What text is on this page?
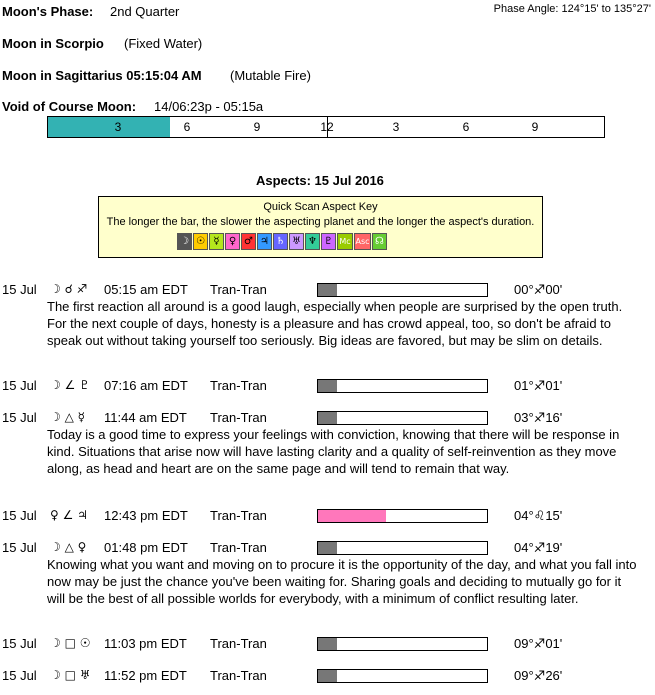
Moon's Phase: 2nd Quarter	Phase Angle: 124°15' to 135°27'
Moon in Scorpio (Fixed Water)
Moon in Sagittarius 05:15:04 AM (Mutable Fire)
Void of Course Moon: 14/06:23p - 05:15a
3	6	9	12	3	6	9
Aspects: 15 Jul 2016
Quick Scan Aspect Key
The longer the bar, the slower the aspecting planet and the longer the aspect's duration.
☽ ☉ ☿ ♀ ♂ ♃ ♄ ♅ ♆ ♇ Mc Asc ☊
15 Jul ☽ ☌ ♐ 05:15 am EDT Tran-Tran	00°♐00'
The first reaction all around is a good laugh, especially when people are surprised by the open truth. For the next couple of days, honesty is a pleasure and has crowd appeal, too, so don't be afraid to speak out without taking yourself too seriously. Big ideas are favored, but may be slim on details.
15 Jul ☽ ∠ ♇ 07:16 am EDT Tran-Tran	01°♐01'
15 Jul ☽ △ ☿ 11:44 am EDT Tran-Tran	03°♐16'
Today is a good time to express your feelings with conviction, knowing that there will be response in kind. Situations that arise now will have lasting clarity and a quality of self-reinvention as they move along, as head and heart are on the same page and will tend to remain that way.
15 Jul ♀ ∠ ♃ 12:43 pm EDT Tran-Tran	04°♌15'
15 Jul ☽ △ ♀ 01:48 pm EDT Tran-Tran	04°♐19'
Knowing what you want and moving on to procure it is the opportunity of the day, and what you fall into now may be just the chance you've been waiting for. Sharing goals and deciding to mutually go for it will be the best of all possible worlds for everybody, with a minimum of conflict resulting later.
15 Jul ☽ □ ☉ 11:03 pm EDT Tran-Tran	09°♐01'
15 Jul ☽ □ ♅ 11:52 pm EDT Tran-Tran	09°♐26'
